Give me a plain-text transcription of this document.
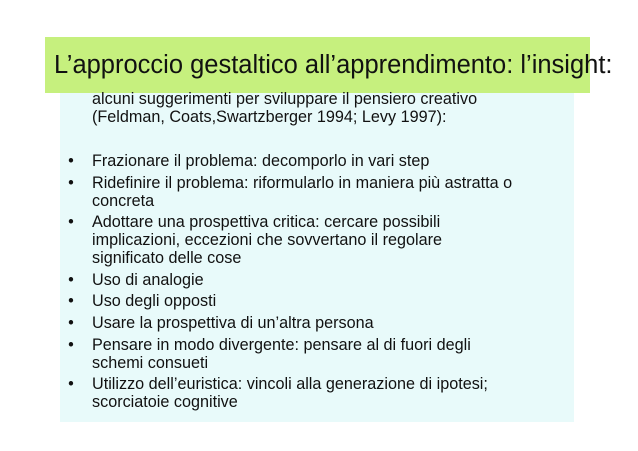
L’approccio gestaltico all’apprendimento: l’insight:
alcuni suggerimenti per sviluppare il pensiero creativo
(Feldman, Coats,Swartzberger 1994; Levy 1997):
• Frazionare il problema: decomporlo in vari step
• Ridefinire il problema: riformularlo in maniera più astratta o
concreta
• Adottare una prospettiva critica: cercare possibili
implicazioni, eccezioni che sovvertano il regolare
significato delle cose
• Uso di analogie
• Uso degli opposti
• Usare la prospettiva di un’altra persona
• Pensare in modo divergente: pensare al di fuori degli
schemi consueti
• Utilizzo dell’euristica: vincoli alla generazione di ipotesi;
scorciatoie cognitive
